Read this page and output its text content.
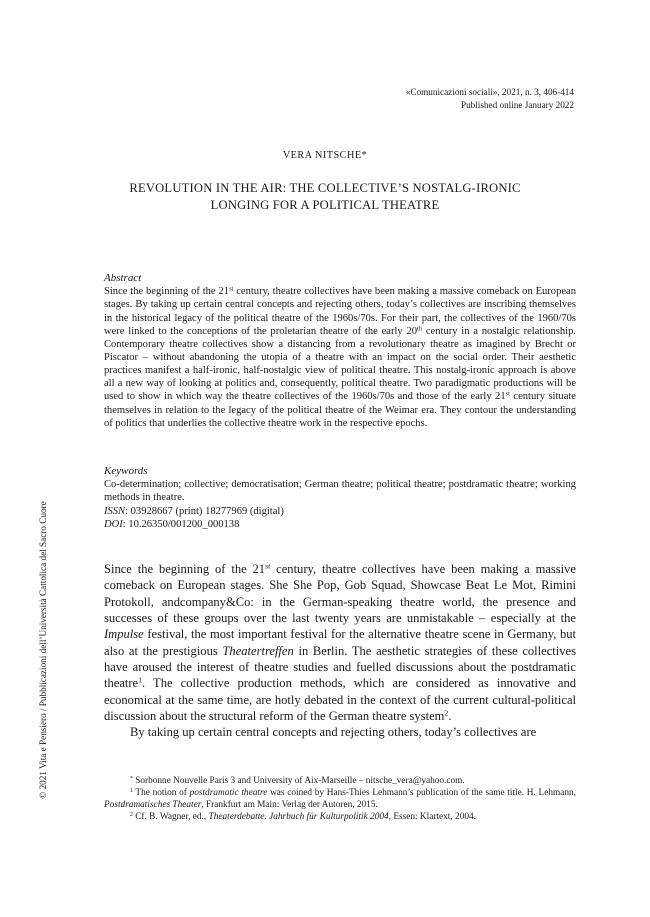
«Comunicazioni sociali», 2021, n. 3, 406-414
Published online January 2022
VERA NITSCHE*
REVOLUTION IN THE AIR: THE COLLECTIVE’S NOSTALG-IRONIC
LONGING FOR A POLITICAL THEATRE
Abstract

Since the beginning of the 21st century, theatre collectives have been making a massive comeback on European stages. By taking up certain central concepts and rejecting others, today’s collectives are inscribing themselves in the historical legacy of the political theatre of the 1960s/70s. For their part, the collectives of the 1960/70s were linked to the conceptions of the proletarian theatre of the early 20th century in a nostalgic relationship. Contemporary theatre collectives show a distancing from a revolutionary theatre as imagined by Brecht or Piscator – without abandoning the utopia of a theatre with an impact on the social order. Their aesthetic practices manifest a half-ironic, half-nostalgic view of political theatre. This nostalg-ironic approach is above all a new way of looking at politics and, consequently, political theatre. Two paradigmatic productions will be used to show in which way the theatre collectives of the 1960s/70s and those of the early 21st century situate themselves in relation to the legacy of the political theatre of the Weimar era. They contour the understanding of politics that underlies the collective theatre work in the respective epochs.

Keywords
Co-determination; collective; democratisation; German theatre; political theatre; postdramatic theatre; working methods in theatre.
ISSN: 03928667 (print) 18277969 (digital)
DOI: 10.26350/001200_000138

Since the beginning of the 21st century, theatre collectives have been making a massive comeback on European stages. She She Pop, Gob Squad, Showcase Beat Le Mot, Rimini Protokoll, andcompany&Co: in the German-speaking theatre world, the presence and successes of these groups over the last twenty years are unmistakable – especially at the Impulse festival, the most important festival for the alternative theatre scene in Germany, but also at the prestigious Theatertreffen in Berlin. The aesthetic strategies of these collectives have aroused the interest of theatre studies and fuelled discussions about the postdramatic theatre$^1$. The collective production methods, which are considered as innovative and economical at the same time, are hotly debated in the context of the current cultural-political discussion about the structural reform of the German theatre system$^2$.

By taking up certain central concepts and rejecting others, today’s collectives are

* Sorbonne Nouvelle Paris 3 and University of Aix-Marseille – nitsche_vera@yahoo.com.

$^1$ The notion of postdramatic theatre was coined by Hans-Thies Lehmann’s publication of the same title. H. Lehmann, Postdramatisches Theater, Frankfurt am Main: Verlag der Autoren, 2015.

$^2$ Cf. B. Wagner, ed., Theaterdebatte. Jahrbuch für Kulturpolitik 2004, Essen: Klartext, 2004.

© 2021 Vita e Pensiero / Pubblicazioni dell’Università Cattolica del Sacro Cuore
